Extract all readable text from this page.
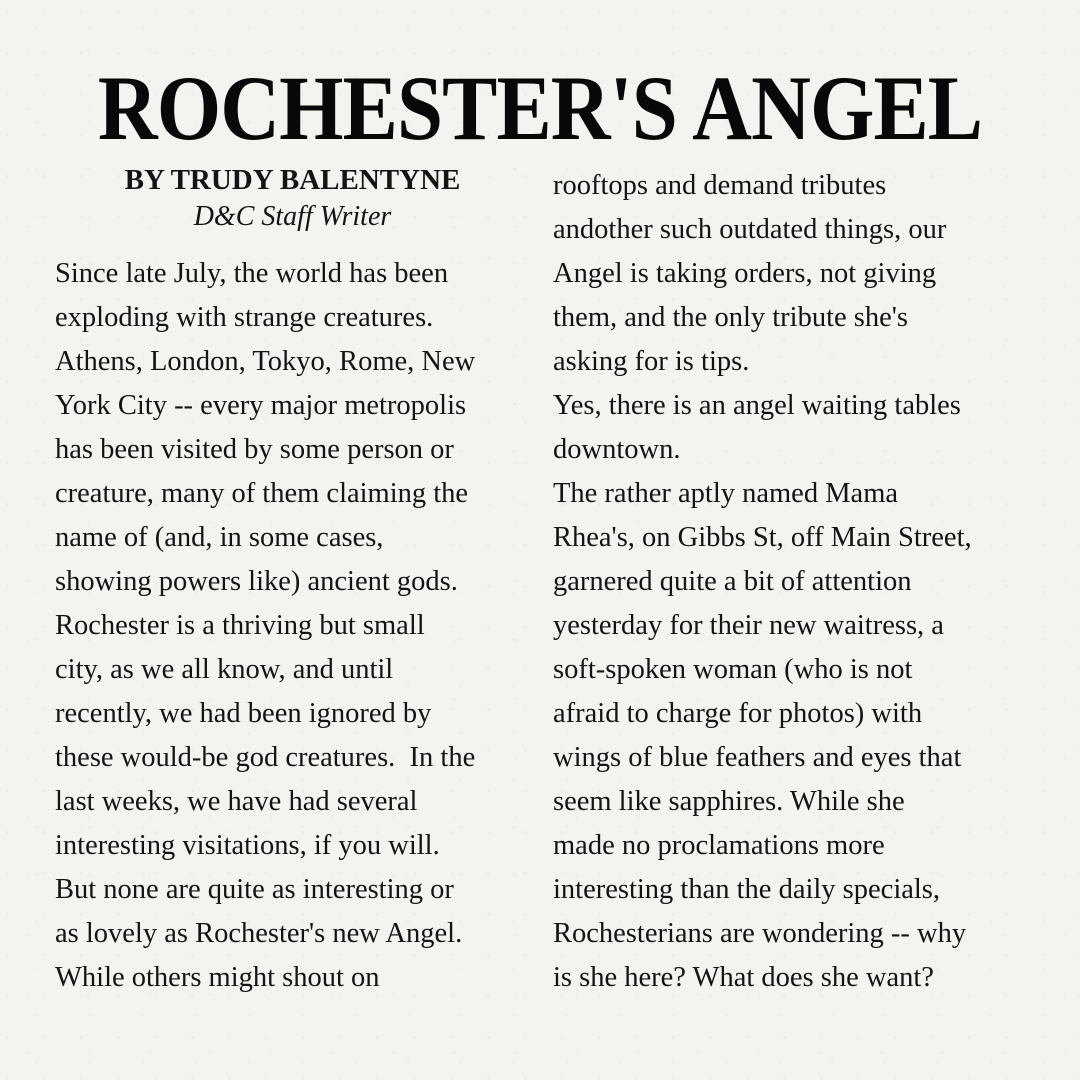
ROCHESTER'S ANGEL
BY TRUDY BALENTYNE
D&C Staff Writer
Since late July, the world has been
exploding with strange creatures.
Athens, London, Tokyo, Rome, New
York City -- every major metropolis
has been visited by some person or
creature, many of them claiming the
name of (and, in some cases,
showing powers like) ancient gods.
Rochester is a thriving but small
city, as we all know, and until
recently, we had been ignored by
these would-be god creatures.  In the
last weeks, we have had several
interesting visitations, if you will.
But none are quite as interesting or
as lovely as Rochester's new Angel.
While others might shout on
rooftops and demand tributes
andother such outdated things, our
Angel is taking orders, not giving
them, and the only tribute she's
asking for is tips.
Yes, there is an angel waiting tables
downtown.
The rather aptly named Mama
Rhea's, on Gibbs St, off Main Street,
garnered quite a bit of attention
yesterday for their new waitress, a
soft-spoken woman (who is not
afraid to charge for photos) with
wings of blue feathers and eyes that
seem like sapphires. While she
made no proclamations more
interesting than the daily specials,
Rochesterians are wondering -- why
is she here? What does she want?
